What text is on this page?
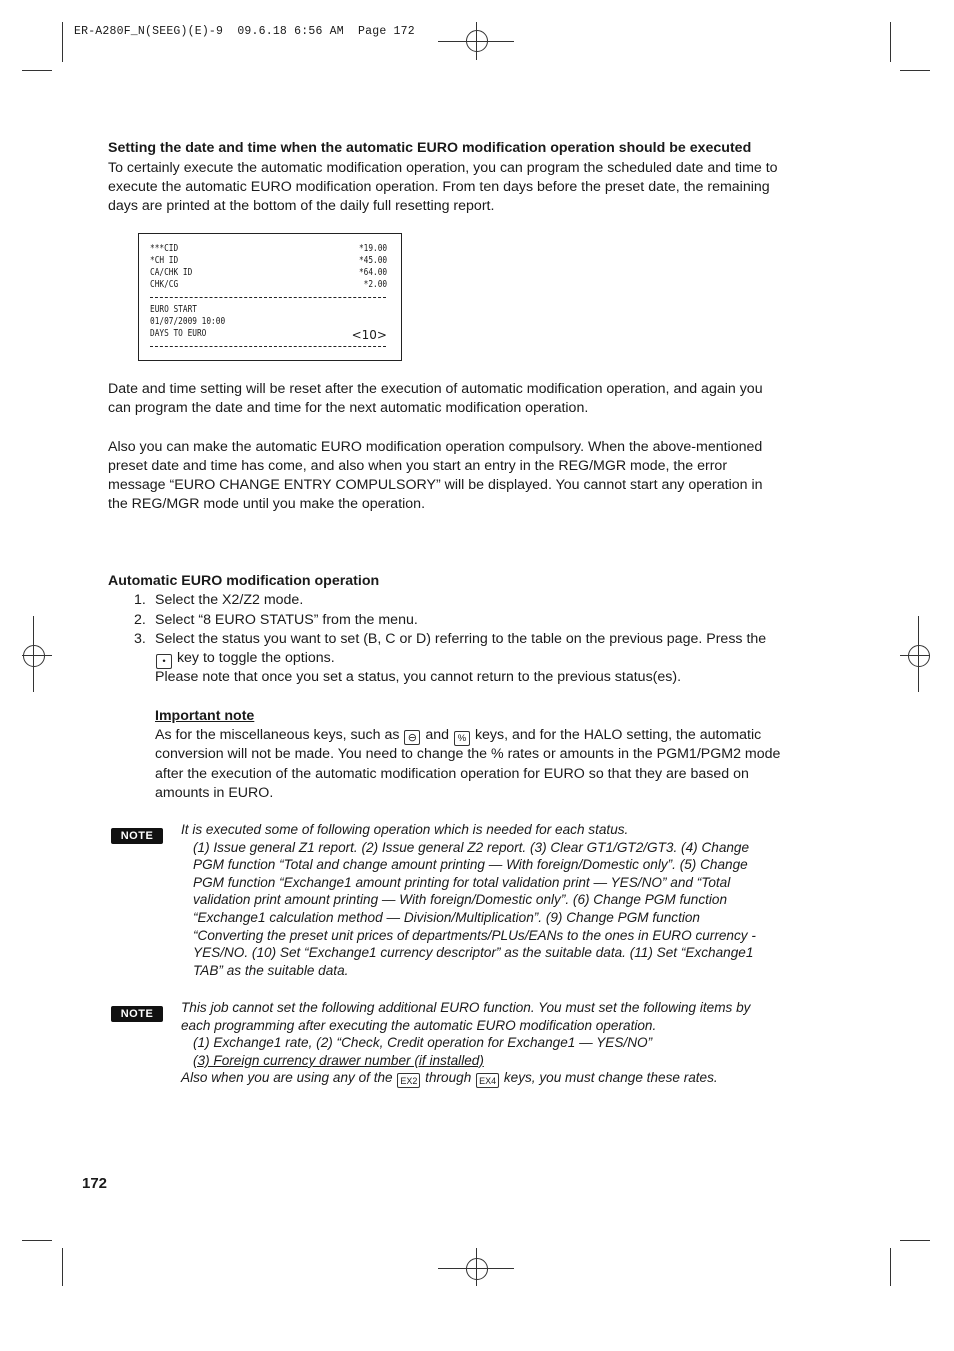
ER-A280F_N(SEEG)(E)-9  09.6.18 6:56 AM  Page 172
Setting the date and time when the automatic EURO modification operation should be executed
To certainly execute the automatic modification operation, you can program the scheduled date and time to
execute the automatic EURO modification operation. From ten days before the preset date, the remaining
days are printed at the bottom of the daily full resetting report.
***CID	*19.00
*CH ID	*45.00
CA/CHK ID	*64.00
CHK/CG	*2.00
EURO START
01/07/2009 10:00
DAYS TO EURO	<10>
Date and time setting will be reset after the execution of automatic modification operation, and again you
can program the date and time for the next automatic modification operation.
Also you can make the automatic EURO modification operation compulsory. When the above-mentioned
preset date and time has come, and also when you start an entry in the REG/MGR mode, the error
message “EURO CHANGE ENTRY COMPULSORY” will be displayed. You cannot start any operation in
the REG/MGR mode until you make the operation.
Automatic EURO modification operation
1. Select the X2/Z2 mode.
2. Select “8 EURO STATUS” from the menu.
3. Select the status you want to set (B, C or D) referring to the table on the previous page. Press the
• key to toggle the options.
Please note that once you set a status, you cannot return to the previous status(es).
Important note
As for the miscellaneous keys, such as ⊖ and % keys, and for the HALO setting, the automatic
conversion will not be made. You need to change the % rates or amounts in the PGM1/PGM2 mode
after the execution of the automatic modification operation for EURO so that they are based on
amounts in EURO.
NOTE	It is executed some of following operation which is needed for each status.
(1) Issue general Z1 report. (2) Issue general Z2 report. (3) Clear GT1/GT2/GT3. (4) Change
PGM function “Total and change amount printing — With foreign/Domestic only”. (5) Change
PGM function “Exchange1 amount printing for total validation print — YES/NO” and “Total
validation print amount printing — With foreign/Domestic only”. (6) Change PGM function
“Exchange1 calculation method — Division/Multiplication”. (9) Change PGM function
“Converting the preset unit prices of departments/PLUs/EANs to the ones in EURO currency -
YES/NO. (10) Set “Exchange1 currency descriptor” as the suitable data. (11) Set “Exchange1
TAB” as the suitable data.
NOTE	This job cannot set the following additional EURO function. You must set the following items by
each programming after executing the automatic EURO modification operation.
(1) Exchange1 rate, (2) “Check, Credit operation for Exchange1 — YES/NO”
(3) Foreign currency drawer number (if installed)
Also when you are using any of the EX2 through EX4 keys, you must change these rates.
172
